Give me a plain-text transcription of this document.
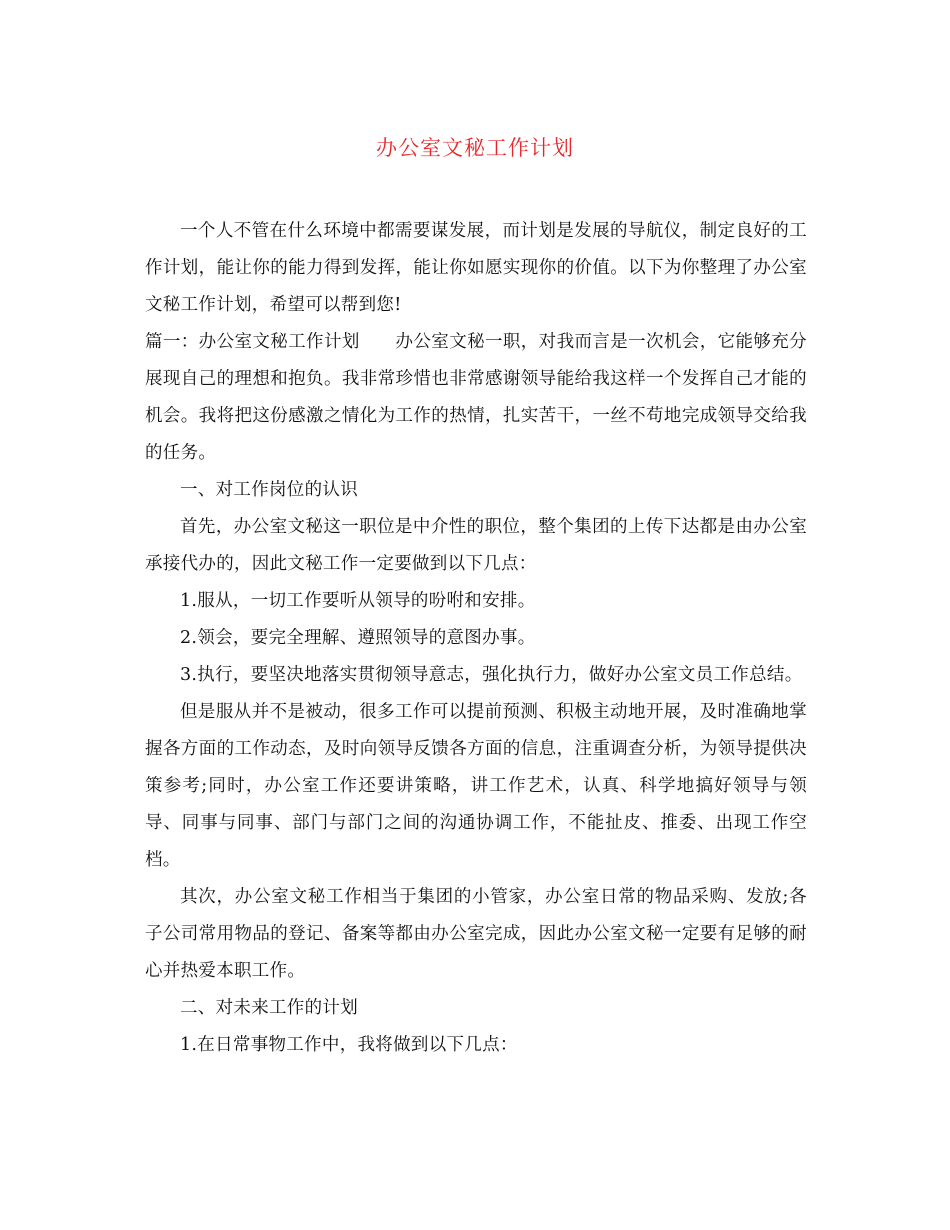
办公室文秘工作计划

一个人不管在什么环境中都需要谋发展，而计划是发展的导航仪，制定良好的工作计划，能让你的能力得到发挥，能让你如愿实现你的价值。以下为你整理了办公室文秘工作计划，希望可以帮到您!

篇一：办公室文秘工作计划　　办公室文秘一职，对我而言是一次机会，它能够充分展现自己的理想和抱负。我非常珍惜也非常感谢领导能给我这样一个发挥自己才能的机会。我将把这份感激之情化为工作的热情，扎实苦干，一丝不苟地完成领导交给我的任务。

一、对工作岗位的认识

首先，办公室文秘这一职位是中介性的职位，整个集团的上传下达都是由办公室承接代办的，因此文秘工作一定要做到以下几点：

1.服从，一切工作要听从领导的吩咐和安排。

2.领会，要完全理解、遵照领导的意图办事。

3.执行，要坚决地落实贯彻领导意志，强化执行力，做好办公室文员工作总结。

但是服从并不是被动，很多工作可以提前预测、积极主动地开展，及时准确地掌握各方面的工作动态，及时向领导反馈各方面的信息，注重调查分析，为领导提供决策参考;同时，办公室工作还要讲策略，讲工作艺术，认真、科学地搞好领导与领导、同事与同事、部门与部门之间的沟通协调工作，不能扯皮、推委、出现工作空档。

其次，办公室文秘工作相当于集团的小管家，办公室日常的物品采购、发放;各子公司常用物品的登记、备案等都由办公室完成，因此办公室文秘一定要有足够的耐心并热爱本职工作。

二、对未来工作的计划

1.在日常事物工作中，我将做到以下几点：
